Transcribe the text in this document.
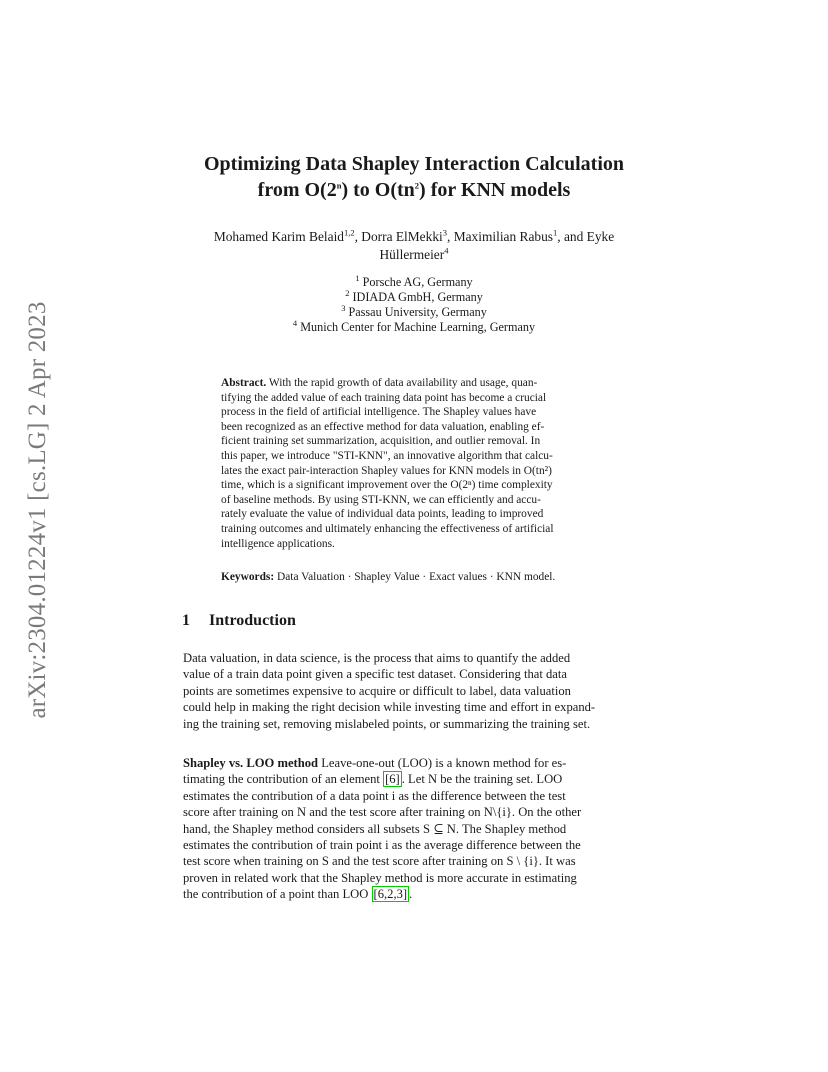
arXiv:2304.01224v1 [cs.LG] 2 Apr 2023
Optimizing Data Shapley Interaction Calculation
from O(2$^n$) to $O(tn^2)$ for KNN models
Mohamed Karim Belaid$^{1,2}$, Dorra ElMekki$^3$, Maximilian Rabus$^1$, and Eyke
Hüllermeier$^4$
$^1$ Porsche AG, Germany
$^2$ IDIADA GmbH, Germany
$^3$ Passau University, Germany
$^4$ Munich Center for Machine Learning, Germany
Abstract. With the rapid growth of data availability and usage, quan-
tifying the added value of each training data point has become a crucial
process in the field of artificial intelligence. The Shapley values have
been recognized as an effective method for data valuation, enabling ef-
ficient training set summarization, acquisition, and outlier removal. In
this paper, we introduce "STI-KNN", an innovative algorithm that calcu-
lates the exact pair-interaction Shapley values for KNN models in O(tn²)
time, which is a significant improvement over the O(2ⁿ) time complexity
of baseline methods. By using STI-KNN, we can efficiently and accu-
rately evaluate the value of individual data points, leading to improved
training outcomes and ultimately enhancing the effectiveness of artificial
intelligence applications.
Keywords: Data Valuation · Shapley Value · Exact values · KNN model.
1 Introduction
Data valuation, in data science, is the process that aims to quantify the added
value of a train data point given a specific test dataset. Considering that data
points are sometimes expensive to acquire or difficult to label, data valuation
could help in making the right decision while investing time and effort in expand-
ing the training set, removing mislabeled points, or summarizing the training set.
Shapley vs. LOO method Leave-one-out (LOO) is a known method for es-
timating the contribution of an element [6] . Let N be the training set. LOO
estimates the contribution of a data point i as the difference between the test
score after training on N and the test score after training on N\{i}. On the other
hand, the Shapley method considers all subsets S ⊆ N. The Shapley method
estimates the contribution of train point i as the average difference between the
test score when training on S and the test score after training on S \ {i}. It was
proven in related work that the Shapley method is more accurate in estimating
the contribution of a point than LOO [6,2,3] .
